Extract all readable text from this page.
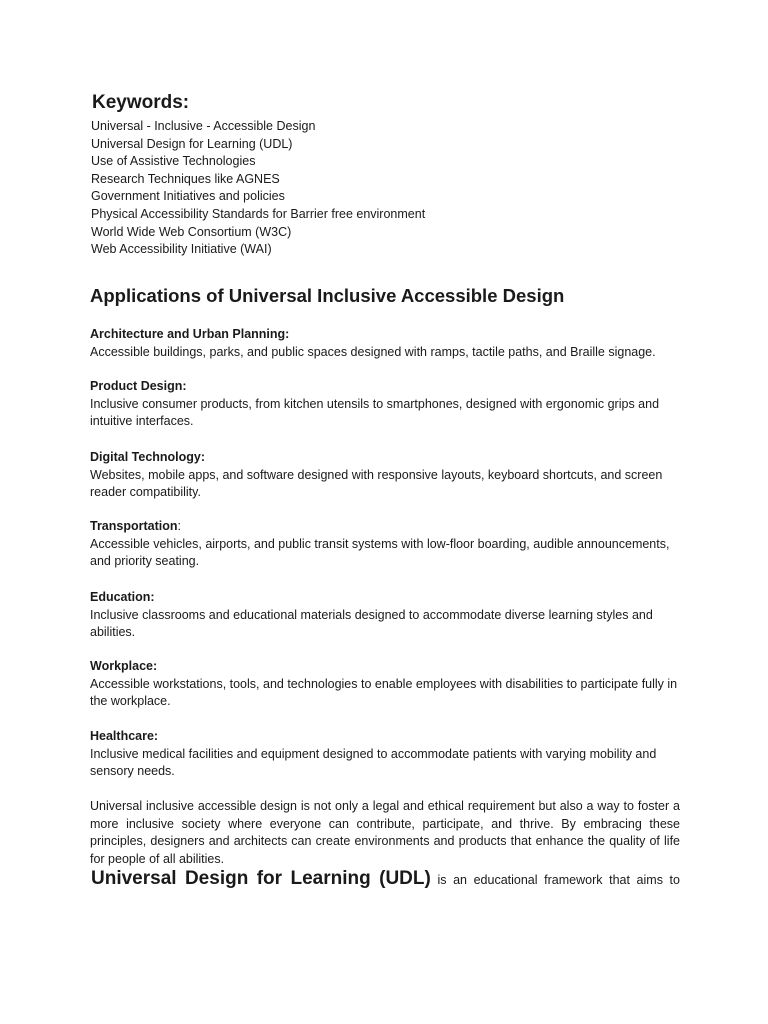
Keywords:
Universal - Inclusive - Accessible Design
Universal Design for Learning (UDL)
Use of Assistive Technologies
Research Techniques like AGNES
Government Initiatives and policies
Physical Accessibility Standards for Barrier free environment
World Wide Web Consortium (W3C)
Web Accessibility Initiative (WAI)
Applications of Universal Inclusive Accessible Design
Architecture and Urban Planning:
Accessible buildings, parks, and public spaces designed with ramps, tactile paths, and Braille signage.
Product Design:
Inclusive consumer products, from kitchen utensils to smartphones, designed with ergonomic grips and intuitive interfaces.
Digital Technology:
Websites, mobile apps, and software designed with responsive layouts, keyboard shortcuts, and screen reader compatibility.
Transportation:
Accessible vehicles, airports, and public transit systems with low-floor boarding, audible announcements, and priority seating.
Education:
Inclusive classrooms and educational materials designed to accommodate diverse learning styles and abilities.
Workplace:
Accessible workstations, tools, and technologies to enable employees with disabilities to participate fully in the workplace.
Healthcare:
Inclusive medical facilities and equipment designed to accommodate patients with varying mobility and sensory needs.

Universal inclusive accessible design is not only a legal and ethical requirement but also a way to foster a more inclusive society where everyone can contribute, participate, and thrive. By embracing these principles, designers and architects can create environments and products that enhance the quality of life for people of all abilities.

Universal Design for Learning (UDL) is an educational framework that aims to
